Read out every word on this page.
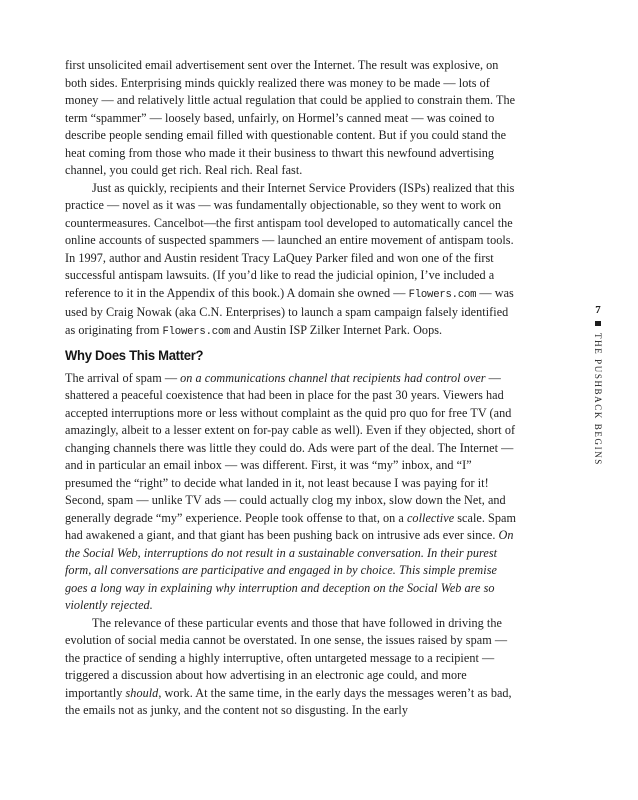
first unsolicited email advertisement sent over the Internet. The result was explosive, on both sides. Enterprising minds quickly realized there was money to be made — lots of money — and relatively little actual regulation that could be applied to constrain them. The term “spammer” — loosely based, unfairly, on Hormel’s canned meat — was coined to describe people sending email filled with questionable content. But if you could stand the heat coming from those who made it their business to thwart this newfound advertising channel, you could get rich. Real rich. Real fast.

Just as quickly, recipients and their Internet Service Providers (ISPs) realized that this practice — novel as it was — was fundamentally objectionable, so they went to work on countermeasures. Cancelbot—the first antispam tool developed to automatically cancel the online accounts of suspected spammers — launched an entire movement of antispam tools. In 1997, author and Austin resident Tracy LaQuey Parker filed and won one of the first successful antispam lawsuits. (If you’d like to read the judicial opinion, I’ve included a reference to it in the Appendix of this book.) A domain she owned — Flowers.com — was used by Craig Nowak (aka C.N. Enterprises) to launch a spam campaign falsely identified as originating from Flowers.com and Austin ISP Zilker Internet Park. Oops.

Why Does This Matter?

The arrival of spam — on a communications channel that recipients had control over — shattered a peaceful coexistence that had been in place for the past 30 years. Viewers had accepted interruptions more or less without complaint as the quid pro quo for free TV (and amazingly, albeit to a lesser extent on for-pay cable as well). Even if they objected, short of changing channels there was little they could do. Ads were part of the deal. The Internet — and in particular an email inbox — was different. First, it was “my” inbox, and “I” presumed the “right” to decide what landed in it, not least because I was paying for it! Second, spam — unlike TV ads — could actually clog my inbox, slow down the Net, and generally degrade “my” experience. People took offense to that, on a collective scale. Spam had awakened a giant, and that giant has been pushing back on intrusive ads ever since. On the Social Web, interruptions do not result in a sustainable conversation. In their purest form, all conversations are participative and engaged in by choice. This simple premise goes a long way in explaining why interruption and deception on the Social Web are so violently rejected.

The relevance of these particular events and those that have followed in driving the evolution of social media cannot be overstated. In one sense, the issues raised by spam — the practice of sending a highly interruptive, often untargeted message to a recipient — triggered a discussion about how advertising in an electronic age could, and more importantly should, work. At the same time, in the early days the messages weren’t as bad, the emails not as junky, and the content not so disgusting. In the early

7
THE PUSHBACK BEGINS
